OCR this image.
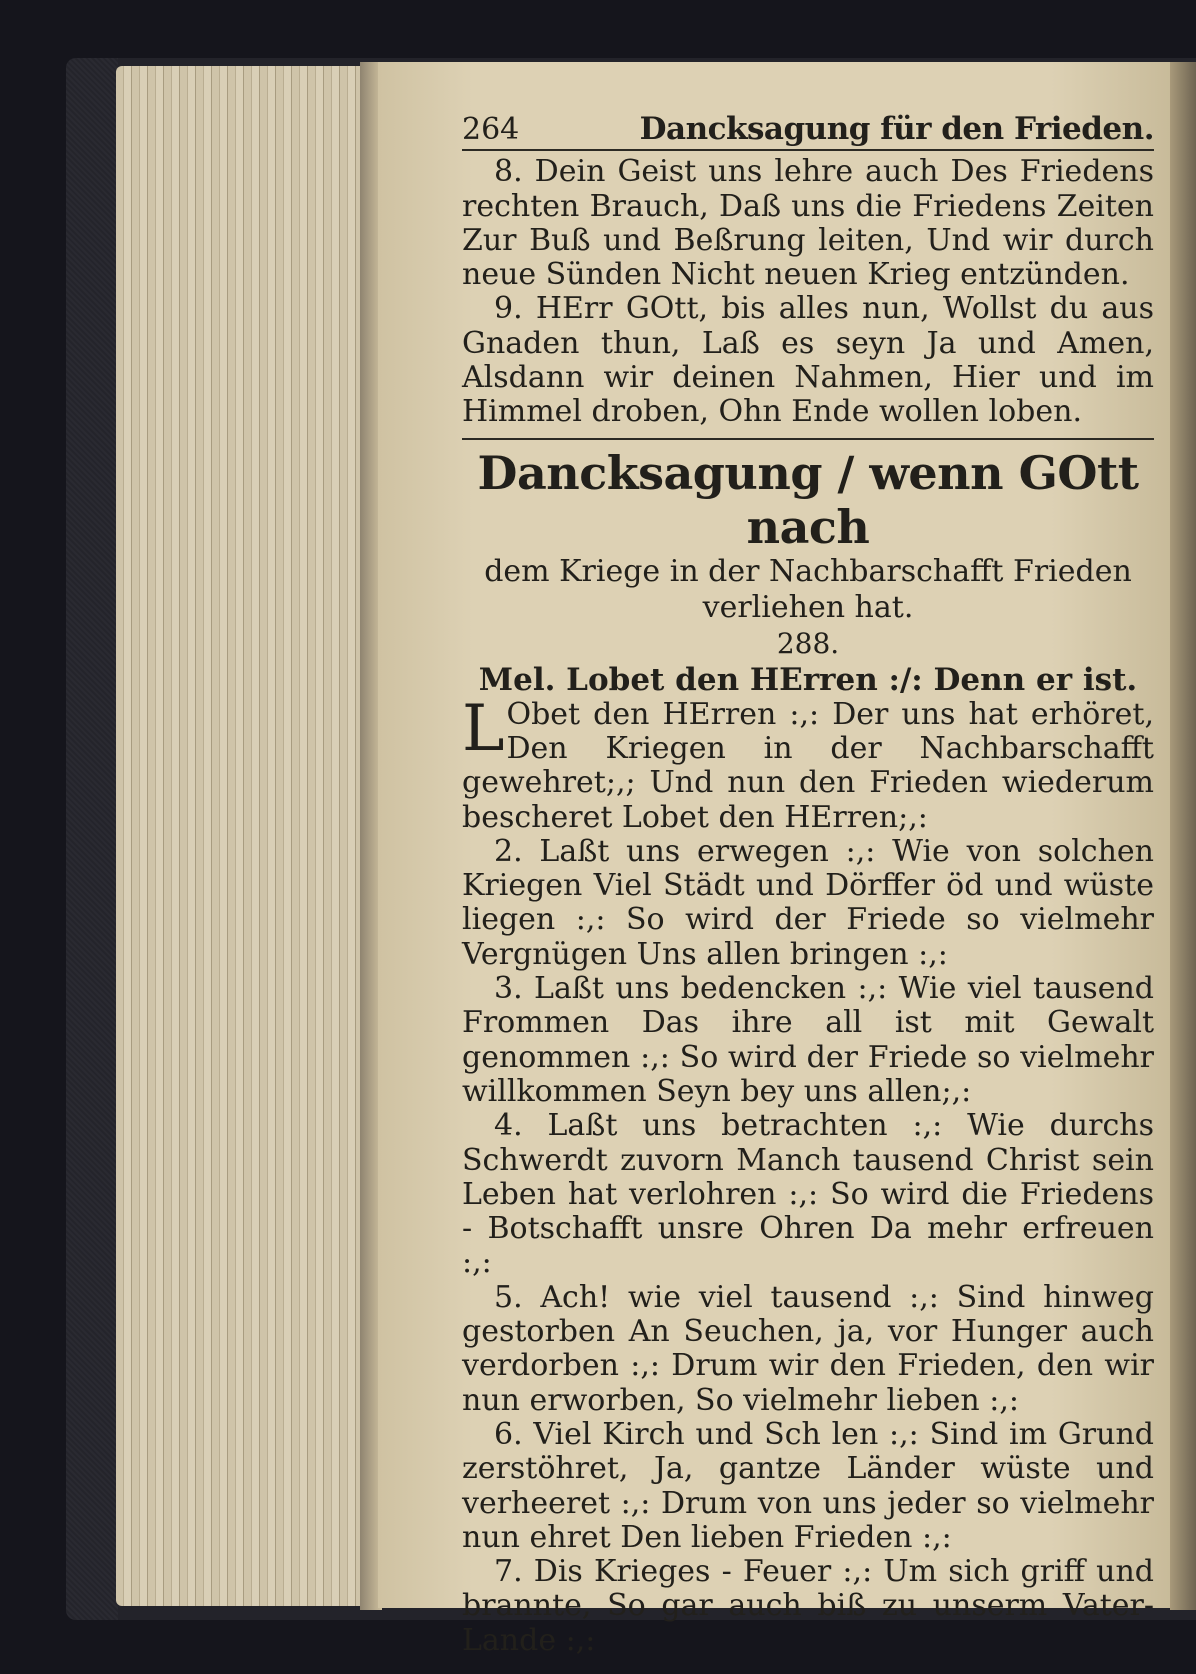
264	Dancksagung für den Frieden.

8. Dein Geist uns lehre auch Des Friedens rechten Brauch, Daß uns die Friedens Zeiten Zur Buß und Beßrung leiten, Und wir durch neue Sünden Nicht neuen Krieg entzünden.

9. HErr GOtt, bis alles nun, Wollst du aus Gnaden thun, Laß es seyn Ja und Amen, Alsdann wir deinen Nahmen, Hier und im Himmel droben, Ohn Ende wollen loben.

Dancksagung / wenn GOtt nach
dem Kriege in der Nachbarschafft Frieden verliehen hat.
288.
Mel. Lobet den HErren :/: Denn er ist.

L Obet den HErren :,: Der uns hat erhöret, Den Kriegen in der Nachbarschafft gewehret;,; Und nun den Frieden wiederum bescheret Lobet den HErren;,:

2. Laßt uns erwegen :,: Wie von solchen Kriegen Viel Städt und Dörffer öd und wüste liegen :,: So wird der Friede so vielmehr Vergnügen Uns allen bringen :,:

3. Laßt uns bedencken :,: Wie viel tausend Frommen Das ihre all ist mit Gewalt genommen :,: So wird der Friede so vielmehr willkommen Seyn bey uns allen;,:

4. Laßt uns betrachten :,: Wie durchs Schwerdt zuvorn Manch tausend Christ sein Leben hat verlohren :,: So wird die Friedens - Botschafft unsre Ohren Da mehr erfreuen :,:

5. Ach! wie viel tausend :,: Sind hinweg gestorben An Seuchen, ja, vor Hunger auch verdorben :,: Drum wir den Frieden, den wir nun erworben, So vielmehr lieben :,:

6. Viel Kirch und Sch len :,: Sind im Grund zerstöhret, Ja, gantze Länder wüste und verheeret :,: Drum von uns jeder so vielmehr nun ehret Den lieben Frieden :,:

7. Dis Krieges - Feuer :,: Um sich griff und brannte, So gar auch biß zu unserm Vater-Lande :,:
